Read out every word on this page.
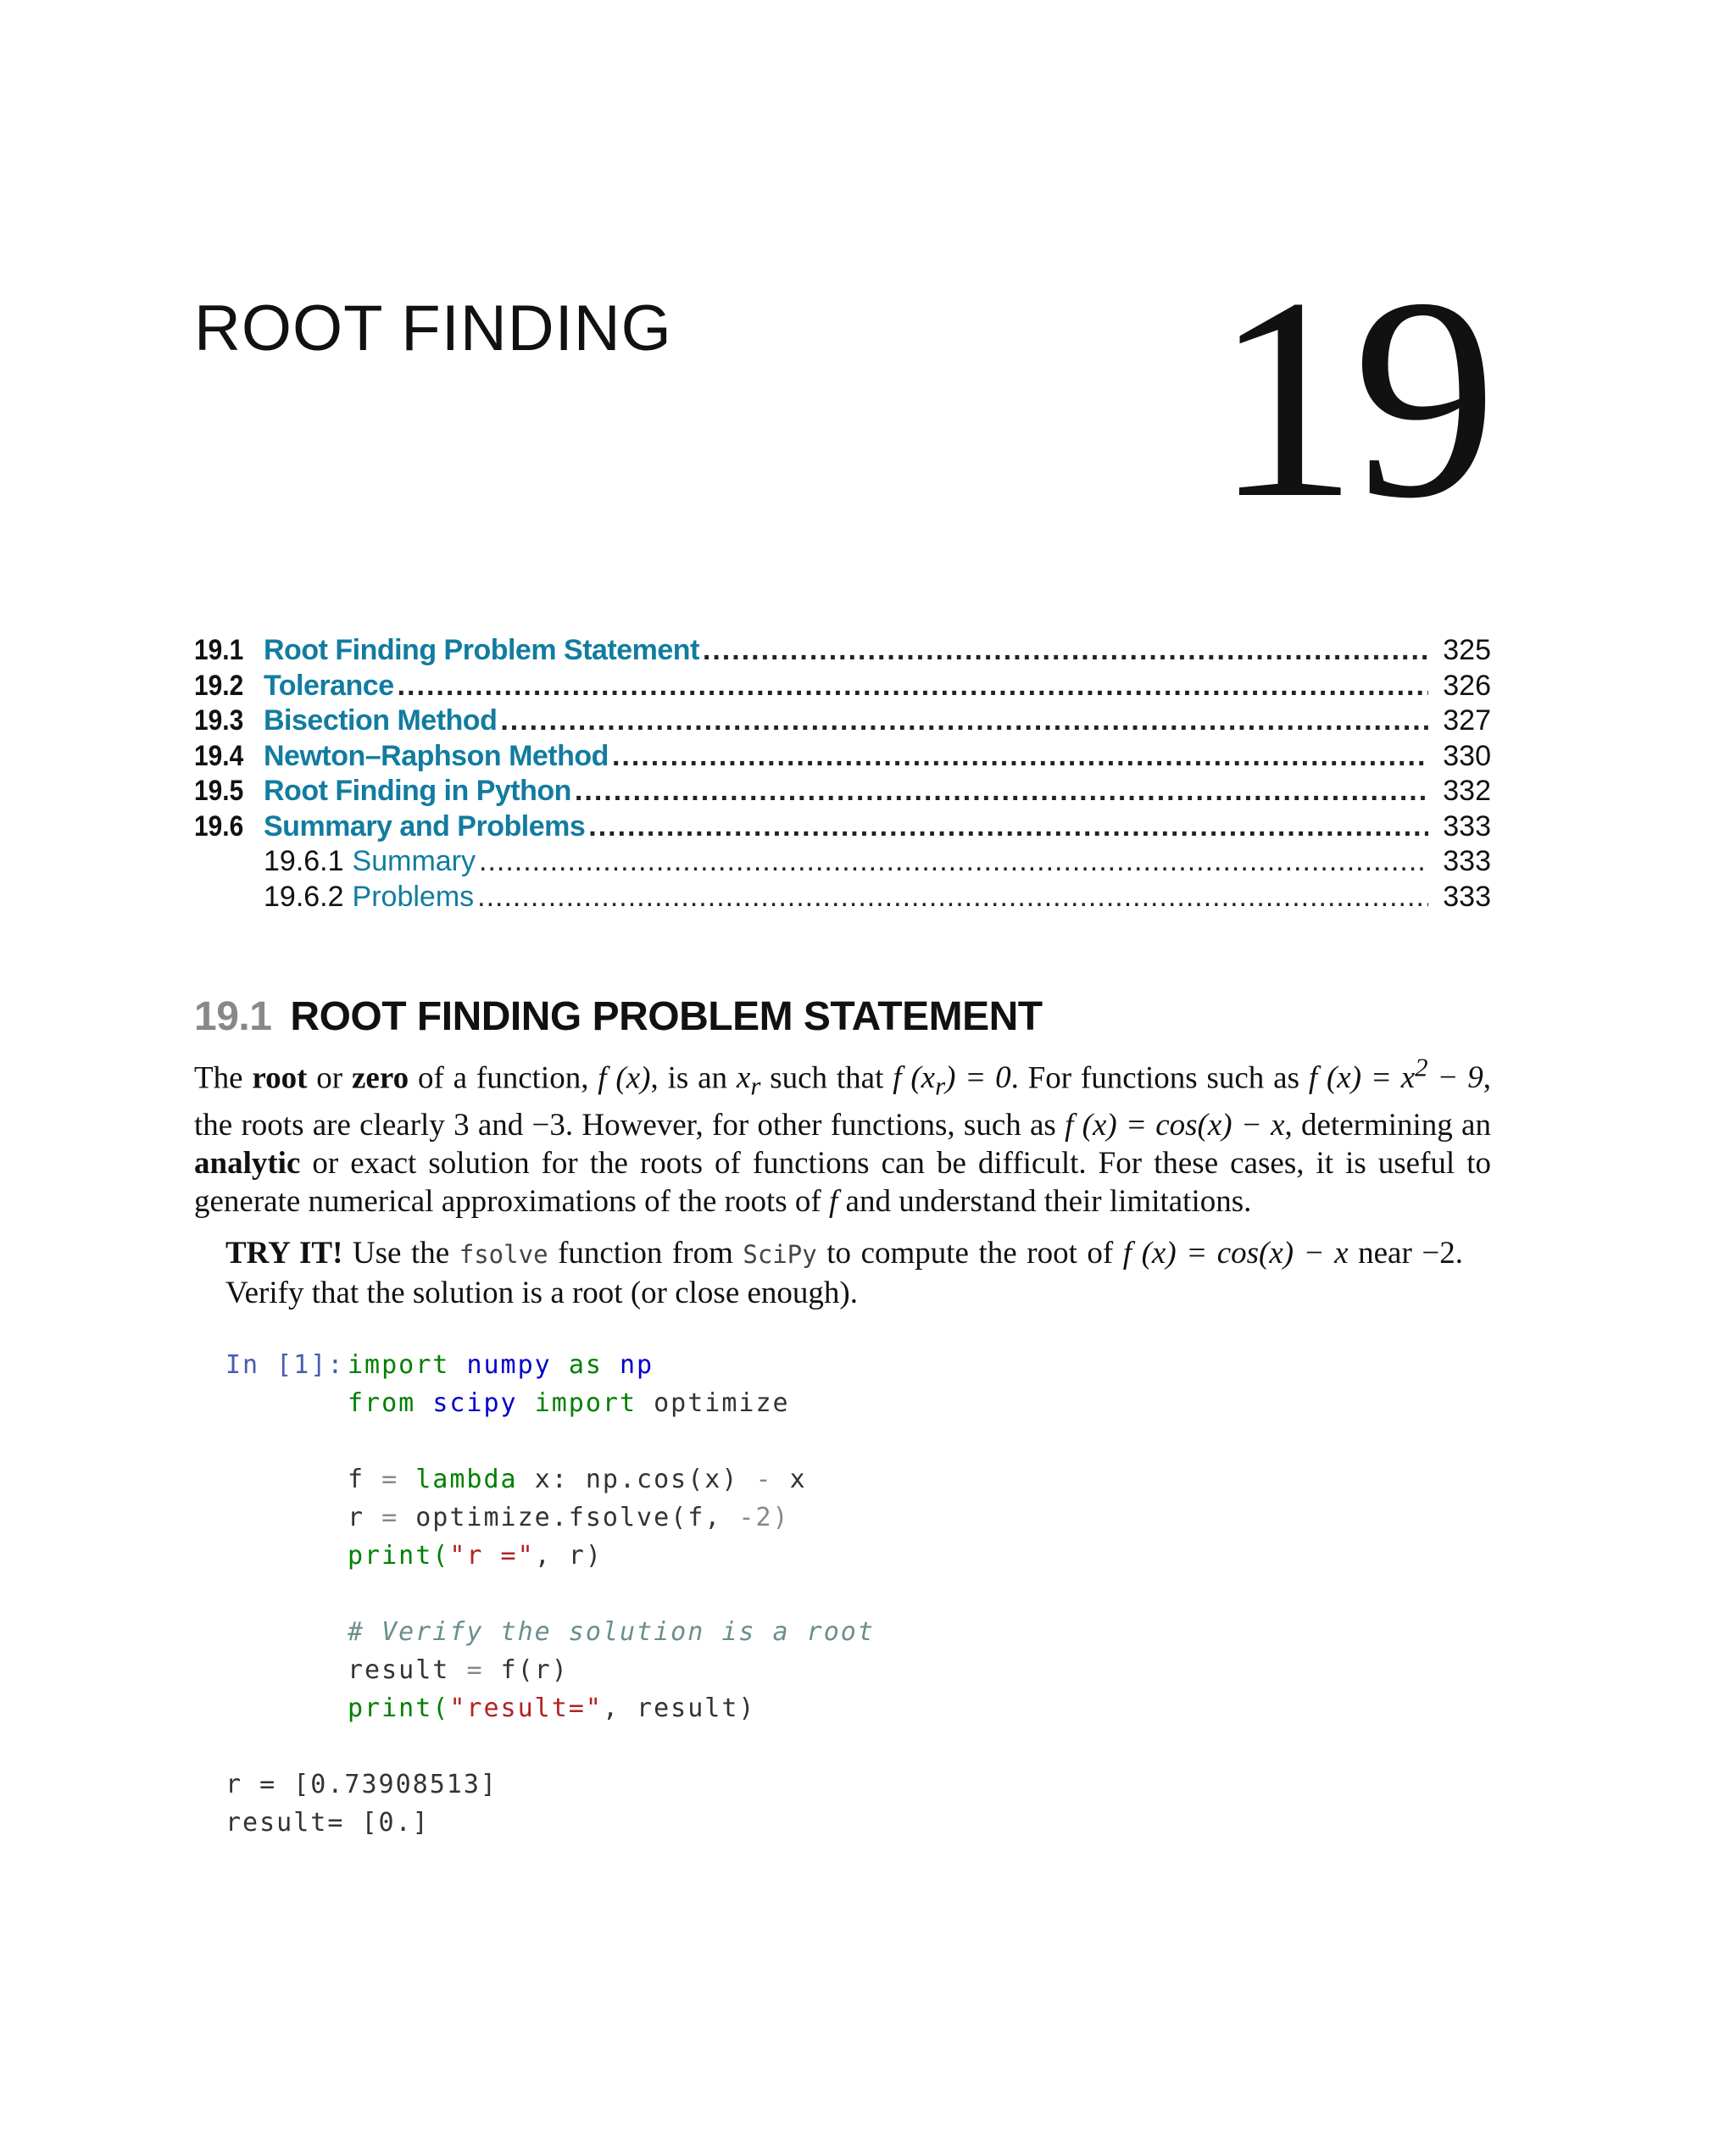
ROOT FINDING 19
19.1 Root Finding Problem Statement .....	325
19.2 Tolerance .....	326
19.3 Bisection Method .....	327
19.4 Newton–Raphson Method .....	330
19.5 Root Finding in Python .....	332
19.6 Summary and Problems .....	333
19.6.1 Summary .....	333
19.6.2 Problems .....	333
19.1 ROOT FINDING PROBLEM STATEMENT

The root or zero of a function, f (x), is an $x_r$ such that f $(x_r) = 0$. For functions such as f $(x) = x^2 - 9$, the roots are clearly 3 and −3. However, for other functions, such as f (x) = cos(x) − x, determining an analytic or exact solution for the roots of functions can be difficult. For these cases, it is useful to generate numerical approximations of the roots of f and understand their limitations.

TRY IT! Use the fsolve function from SciPy to compute the root of f (x) = cos(x) − x near −2. Verify that the solution is a root (or close enough).

In [1]: import numpy as np
from scipy import optimize
f = lambda x: np.cos(x) - x
r = optimize.fsolve(f, -2)
print("r =", r)
# Verify the solution is a root
result = f(r)
print("result=", result)
r = [0.73908513]
result= [0.]
